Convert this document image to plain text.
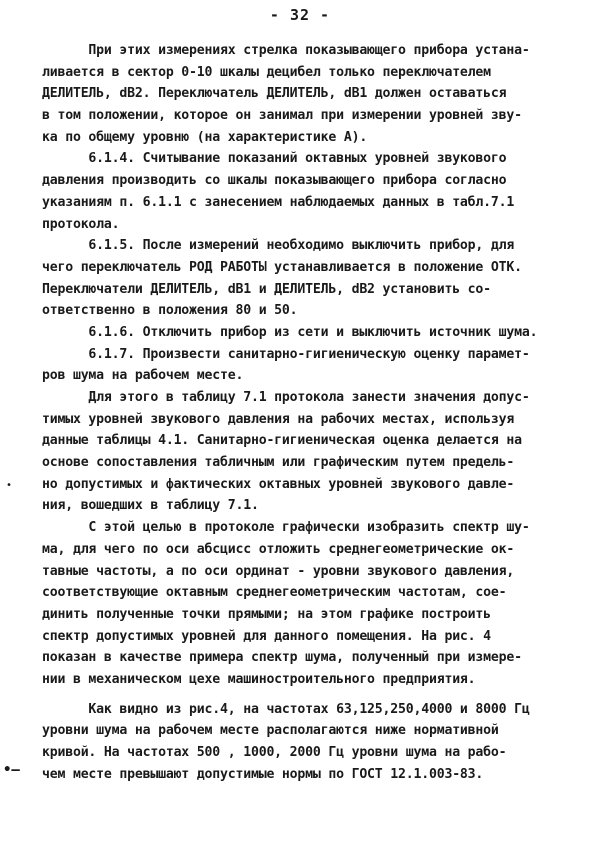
- 32 -
•
•–
При этих измерениях стрелка показывающего прибора устана-
ливается в сектор 0-10 шкалы децибел только переключателем
ДЕЛИТЕЛЬ, dB2. Переключатель ДЕЛИТЕЛЬ, dB1 должен оставаться
в том положении, которое он занимал при измерении уровней зву-
ка по общему уровню (на характеристике А).
6.1.4. Считывание показаний октавных уровней звукового
давления производить со шкалы показывающего прибора согласно
указаниям п. 6.1.1 с занесением наблюдаемых данных в табл.7.1
протокола.
6.1.5. После измерений необходимо выключить прибор, для
чего переключатель РОД РАБОТЫ устанавливается в положение ОТК.
Переключатели ДЕЛИТЕЛЬ, dB1 и ДЕЛИТЕЛЬ, dB2 установить со-
ответственно в положения 80 и 50.
6.1.6. Отключить прибор из сети и выключить источник шума.
6.1.7. Произвести санитарно-гигиеническую оценку парамет-
ров шума на рабочем месте.
Для этого в таблицу 7.1 протокола занести значения допус-
тимых уровней звукового давления на рабочих местах, используя
данные таблицы 4.1. Санитарно-гигиеническая оценка делается на
основе сопоставления табличным или графическим путем предель-
но допустимых и фактических октавных уровней звукового давле-
ния, вошедших в таблицу 7.1.
С этой целью в протоколе графически изобразить спектр шу-
ма, для чего по оси абсцисс отложить среднегеометрические ок-
тавные частоты, а по оси ординат - уровни звукового давления,
соответствующие октавным среднегеометрическим частотам, сое-
динить полученные точки прямыми; на этом графике построить
спектр допустимых уровней для данного помещения. На рис. 4
показан в качестве примера спектр шума, полученный при измере-
нии в механическом цехе машиностроительного предприятия.
Как видно из рис.4, на частотах 63,125,250,4000 и 8000 Гц
уровни шума на рабочем месте располагаются ниже нормативной
кривой. На частотах 500 , 1000, 2000 Гц уровни шума на рабо-
чем месте превышают допустимые нормы по ГОСТ 12.1.003-83.
